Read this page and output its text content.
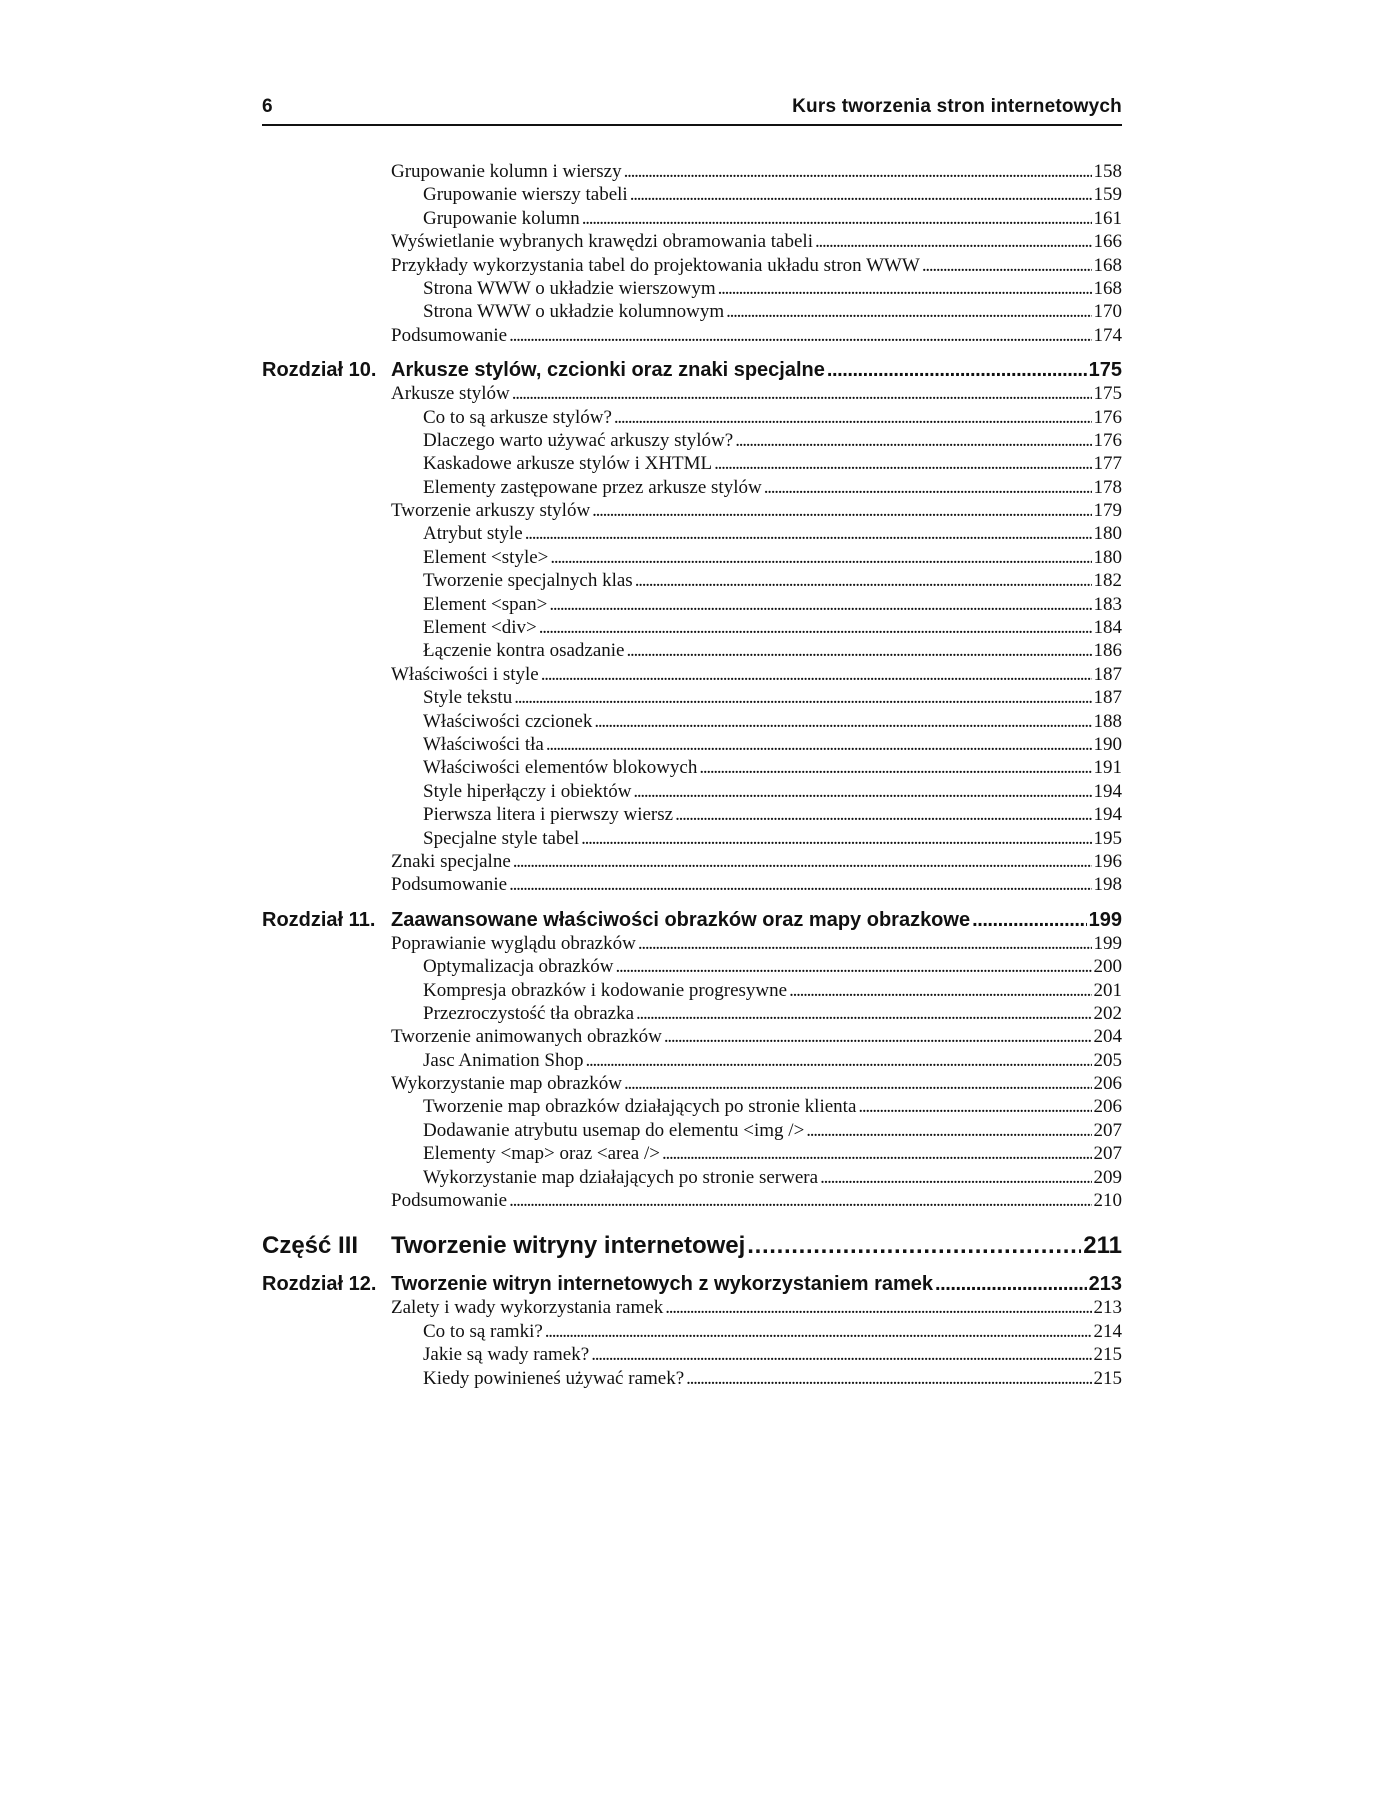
6	Kurs tworzenia stron internetowych
Grupowanie kolumn i wierszy . . .	158
Grupowanie wierszy tabeli . . .	159
Grupowanie kolumn . . .	161
Wyświetlanie wybranych krawędzi obramowania tabeli . . .	166
Przykłady wykorzystania tabel do projektowania układu stron WWW . . .	168
Strona WWW o układzie wierszowym . . .	168
Strona WWW o układzie kolumnowym . . .	170
Podsumowanie . . .	174
Rozdział 10. Arkusze stylów, czcionki oraz znaki specjalne . . .	175
Arkusze stylów . . .	175
Co to są arkusze stylów? . . .	176
Dlaczego warto używać arkuszy stylów? . . .	176
Kaskadowe arkusze stylów i XHTML . . .	177
Elementy zastępowane przez arkusze stylów . . .	178
Tworzenie arkuszy stylów . . .	179
Atrybut style . . .	180
Element <style> . . .	180
Tworzenie specjalnych klas . . .	182
Element <span> . . .	183
Element <div> . . .	184
Łączenie kontra osadzanie . . .	186
Właściwości i style . . .	187
Style tekstu . . .	187
Właściwości czcionek . . .	188
Właściwości tła . . .	190
Właściwości elementów blokowych . . .	191
Style hiperłączy i obiektów . . .	194
Pierwsza litera i pierwszy wiersz . . .	194
Specjalne style tabel . . .	195
Znaki specjalne . . .	196
Podsumowanie . . .	198
Rozdział 11. Zaawansowane właściwości obrazków oraz mapy obrazkowe . . .	199
Poprawianie wyglądu obrazków . . .	199
Optymalizacja obrazków . . .	200
Kompresja obrazków i kodowanie progresywne . . .	201
Przezroczystość tła obrazka . . .	202
Tworzenie animowanych obrazków . . .	204
Jasc Animation Shop . . .	205
Wykorzystanie map obrazków . . .	206
Tworzenie map obrazków działających po stronie klienta . . .	206
Dodawanie atrybutu usemap do elementu <img /> . . .	207
Elementy <map> oraz <area /> . . .	207
Wykorzystanie map działających po stronie serwera . . .	209
Podsumowanie . . .	210
Część III	Tworzenie witryny internetowej . . .	211
Rozdział 12. Tworzenie witryn internetowych z wykorzystaniem ramek . . .	213
Zalety i wady wykorzystania ramek . . .	213
Co to są ramki? . . .	214
Jakie są wady ramek? . . .	215
Kiedy powinieneś używać ramek? . . .	215
